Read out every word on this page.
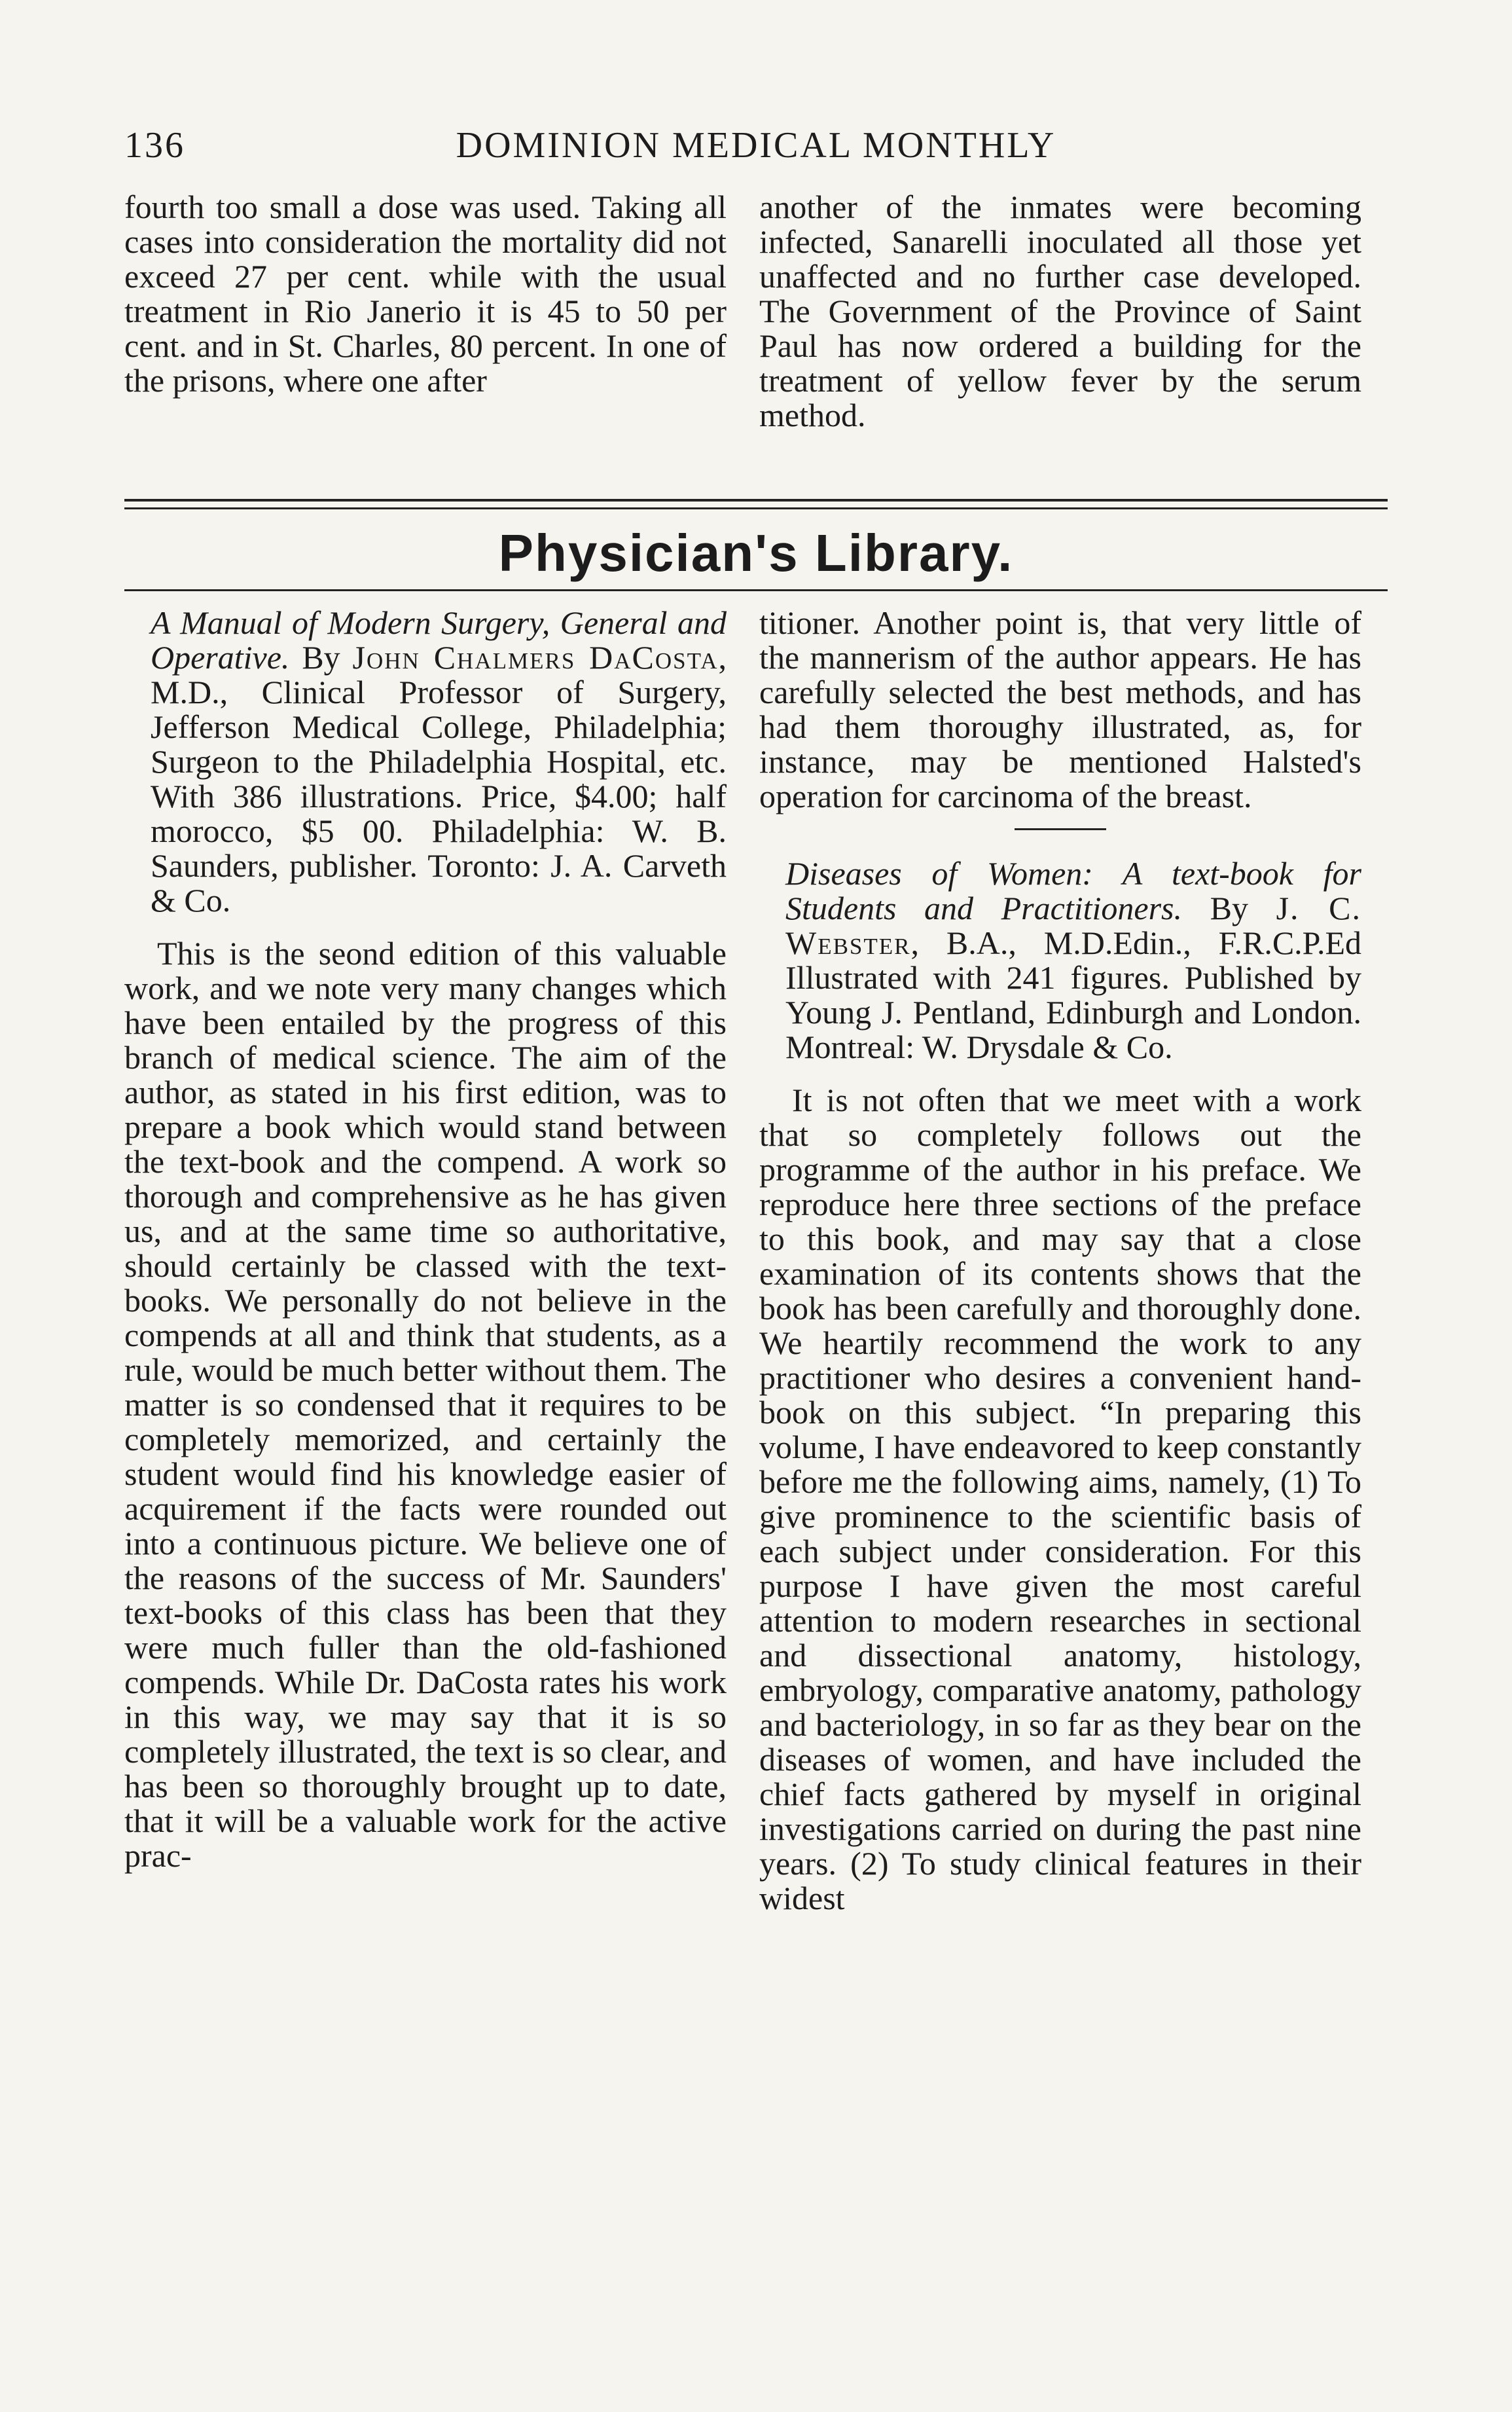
136	DOMINION MEDICAL MONTHLY

fourth too small a dose was used. Taking all cases into consideration the mortality did not exceed 27 per cent. while with the usual treatment in Rio Janerio it is 45 to 50 per cent. and in St. Charles, 80 percent. In one of the prisons, where one after

another of the inmates were becoming infected, Sanarelli inoculated all those yet unaffected and no further case developed. The Government of the Province of Saint Paul has now ordered a building for the treatment of yellow fever by the serum method.

Physician's Library.

A Manual of Modern Surgery, General and Operative. By John Chalmers DaCosta, M.D., Clinical Professor of Surgery, Jefferson Medical College, Philadelphia; Surgeon to the Philadelphia Hospital, etc. With 386 illustrations. Price, $4.00; half morocco, $5 00. Philadelphia: W. B. Saunders, publisher. Toronto: J. A. Carveth & Co.

This is the seond edition of this valuable work, and we note very many changes which have been entailed by the progress of this branch of medical science. The aim of the author, as stated in his first edition, was to prepare a book which would stand between the text-book and the compend. A work so thorough and comprehensive as he has given us, and at the same time so authoritative, should certainly be classed with the text-books. We personally do not believe in the compends at all and think that students, as a rule, would be much better without them. The matter is so condensed that it requires to be completely memorized, and certainly the student would find his knowledge easier of acquirement if the facts were rounded out into a continuous picture. We believe one of the reasons of the success of Mr. Saunders' text-books of this class has been that they were much fuller than the old-fashioned compends. While Dr. DaCosta rates his work in this way, we may say that it is so completely illustrated, the text is so clear, and has been so thoroughly brought up to date, that it will be a valuable work for the active prac-

titioner. Another point is, that very little of the mannerism of the author appears. He has carefully selected the best methods, and has had them thoroughy illustrated, as, for instance, may be mentioned Halsted's operation for carcinoma of the breast.

Diseases of Women: A text-book for Students and Practitioners. By J. C. Webster, B.A., M.D.Edin., F.R.C.P.Ed Illustrated with 241 figures. Published by Young J. Pentland, Edinburgh and London. Montreal: W. Drysdale & Co.

It is not often that we meet with a work that so completely follows out the programme of the author in his preface. We reproduce here three sections of the preface to this book, and may say that a close examination of its contents shows that the book has been carefully and thoroughly done. We heartily recommend the work to any practitioner who desires a convenient hand-book on this subject. “In preparing this volume, I have endeavored to keep constantly before me the following aims, namely, (1) To give prominence to the scientific basis of each subject under consideration. For this purpose I have given the most careful attention to modern researches in sectional and dissectional anatomy, histology, embryology, comparative anatomy, pathology and bacteriology, in so far as they bear on the diseases of women, and have included the chief facts gathered by myself in original investigations carried on during the past nine years. (2) To study clinical features in their widest
